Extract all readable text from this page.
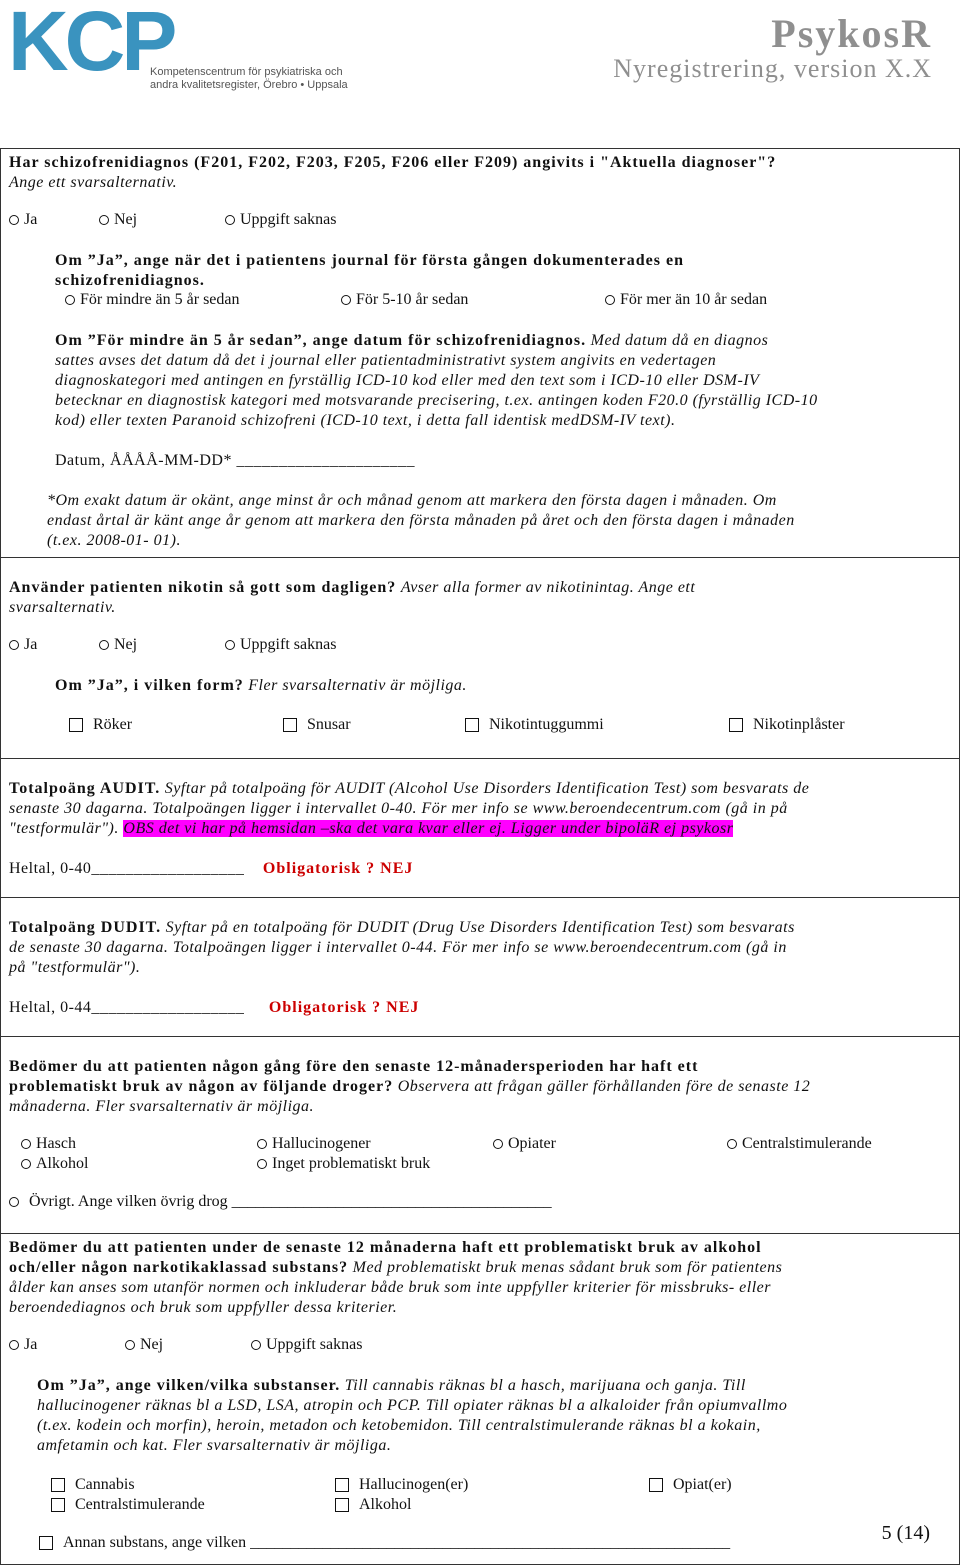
KCP
Kompetenscentrum för psykiatriska och
andra kvalitetsregister, Örebro • Uppsala
PsykosR
Nyregistrering, version X.X
Har schizofrenidiagnos (F201, F202, F203, F205, F206 eller F209) angivits i "Aktuella diagnoser"?
Ange ett svarsalternativ.
Ja	Nej	Uppgift saknas
Om ”Ja”, ange när det i patientens journal för första gången dokumenterades en
schizofrenidiagnos.
För mindre än 5 år sedan	För 5-10 år sedan	För mer än 10 år sedan
Om ”För mindre än 5 år sedan”, ange datum för schizofrenidiagnos. Med datum då en diagnos
sattes avses det datum då det i journal eller patientadministrativt system angivits en vedertagen
diagnoskategori med antingen en fyrställig ICD-10 kod eller med den text som i ICD-10 eller DSM-IV
betecknar en diagnostisk kategori med motsvarande precisering, t.ex. antingen koden F20.0 (fyrställig ICD-10
kod) eller texten Paranoid schizofreni (ICD-10 text, i detta fall identisk medDSM-IV text).
Datum, ÅÅÅÅ-MM-DD* _____________________
*Om exakt datum är okänt, ange minst år och månad genom att markera den första dagen i månaden. Om
endast årtal är känt ange år genom att markera den första månaden på året och den första dagen i månaden
(t.ex. 2008-01- 01).
Använder patienten nikotin så gott som dagligen? Avser alla former av nikotinintag. Ange ett
svarsalternativ.
Ja	Nej	Uppgift saknas
Om ”Ja”, i vilken form? Fler svarsalternativ är möjliga.
Röker	Snusar	Nikotintuggummi	Nikotinplåster
Totalpoäng AUDIT. Syftar på totalpoäng för AUDIT (Alcohol Use Disorders Identification Test) som besvarats de
senaste 30 dagarna. Totalpoängen ligger i intervallet 0-40. För mer info se www.beroendecentrum.com (gå in på
"testformulär"). OBS det vi har på hemsidan –ska det vara kvar eller ej. Ligger under bipoläR ej psykosr
Heltal, 0-40__________________ Obligatorisk ? NEJ
Totalpoäng DUDIT. Syftar på en totalpoäng för DUDIT (Drug Use Disorders Identification Test) som besvarats
de senaste 30 dagarna. Totalpoängen ligger i intervallet 0-44. För mer info se www.beroendecentrum.com (gå in
på "testformulär").
Heltal, 0-44__________________ Obligatorisk ? NEJ
Bedömer du att patienten någon gång före den senaste 12-månadersperioden har haft ett
problematiskt bruk av någon av följande droger? Observera att frågan gäller förhållanden före de senaste 12
månaderna. Fler svarsalternativ är möjliga.
Hasch	Hallucinogener	Opiater	Centralstimulerande
Alkohol	Inget problematiskt bruk
Övrigt. Ange vilken övrig drog ________________________________________
Bedömer du att patienten under de senaste 12 månaderna haft ett problematiskt bruk av alkohol
och/eller någon narkotikaklassad substans? Med problematiskt bruk menas sådant bruk som för patientens
ålder kan anses som utanför normen och inkluderar både bruk som inte uppfyller kriterier för missbruks- eller
beroendediagnos och bruk som uppfyller dessa kriterier.
Ja	Nej	Uppgift saknas
Om ”Ja”, ange vilken/vilka substanser. Till cannabis räknas bl a hasch, marijuana och ganja. Till
hallucinogener räknas bl a LSD, LSA, atropin och PCP. Till opiater räknas bl a alkaloider från opiumvallmo
(t.ex. kodein och morfin), heroin, metadon och ketobemidon. Till centralstimulerande räknas bl a kokain,
amfetamin och kat. Fler svarsalternativ är möjliga.
Cannabis	Hallucinogen(er)	Opiat(er)
Centralstimulerande	Alkohol
Annan substans, ange vilken ____________________________________________________________	5 (14)
